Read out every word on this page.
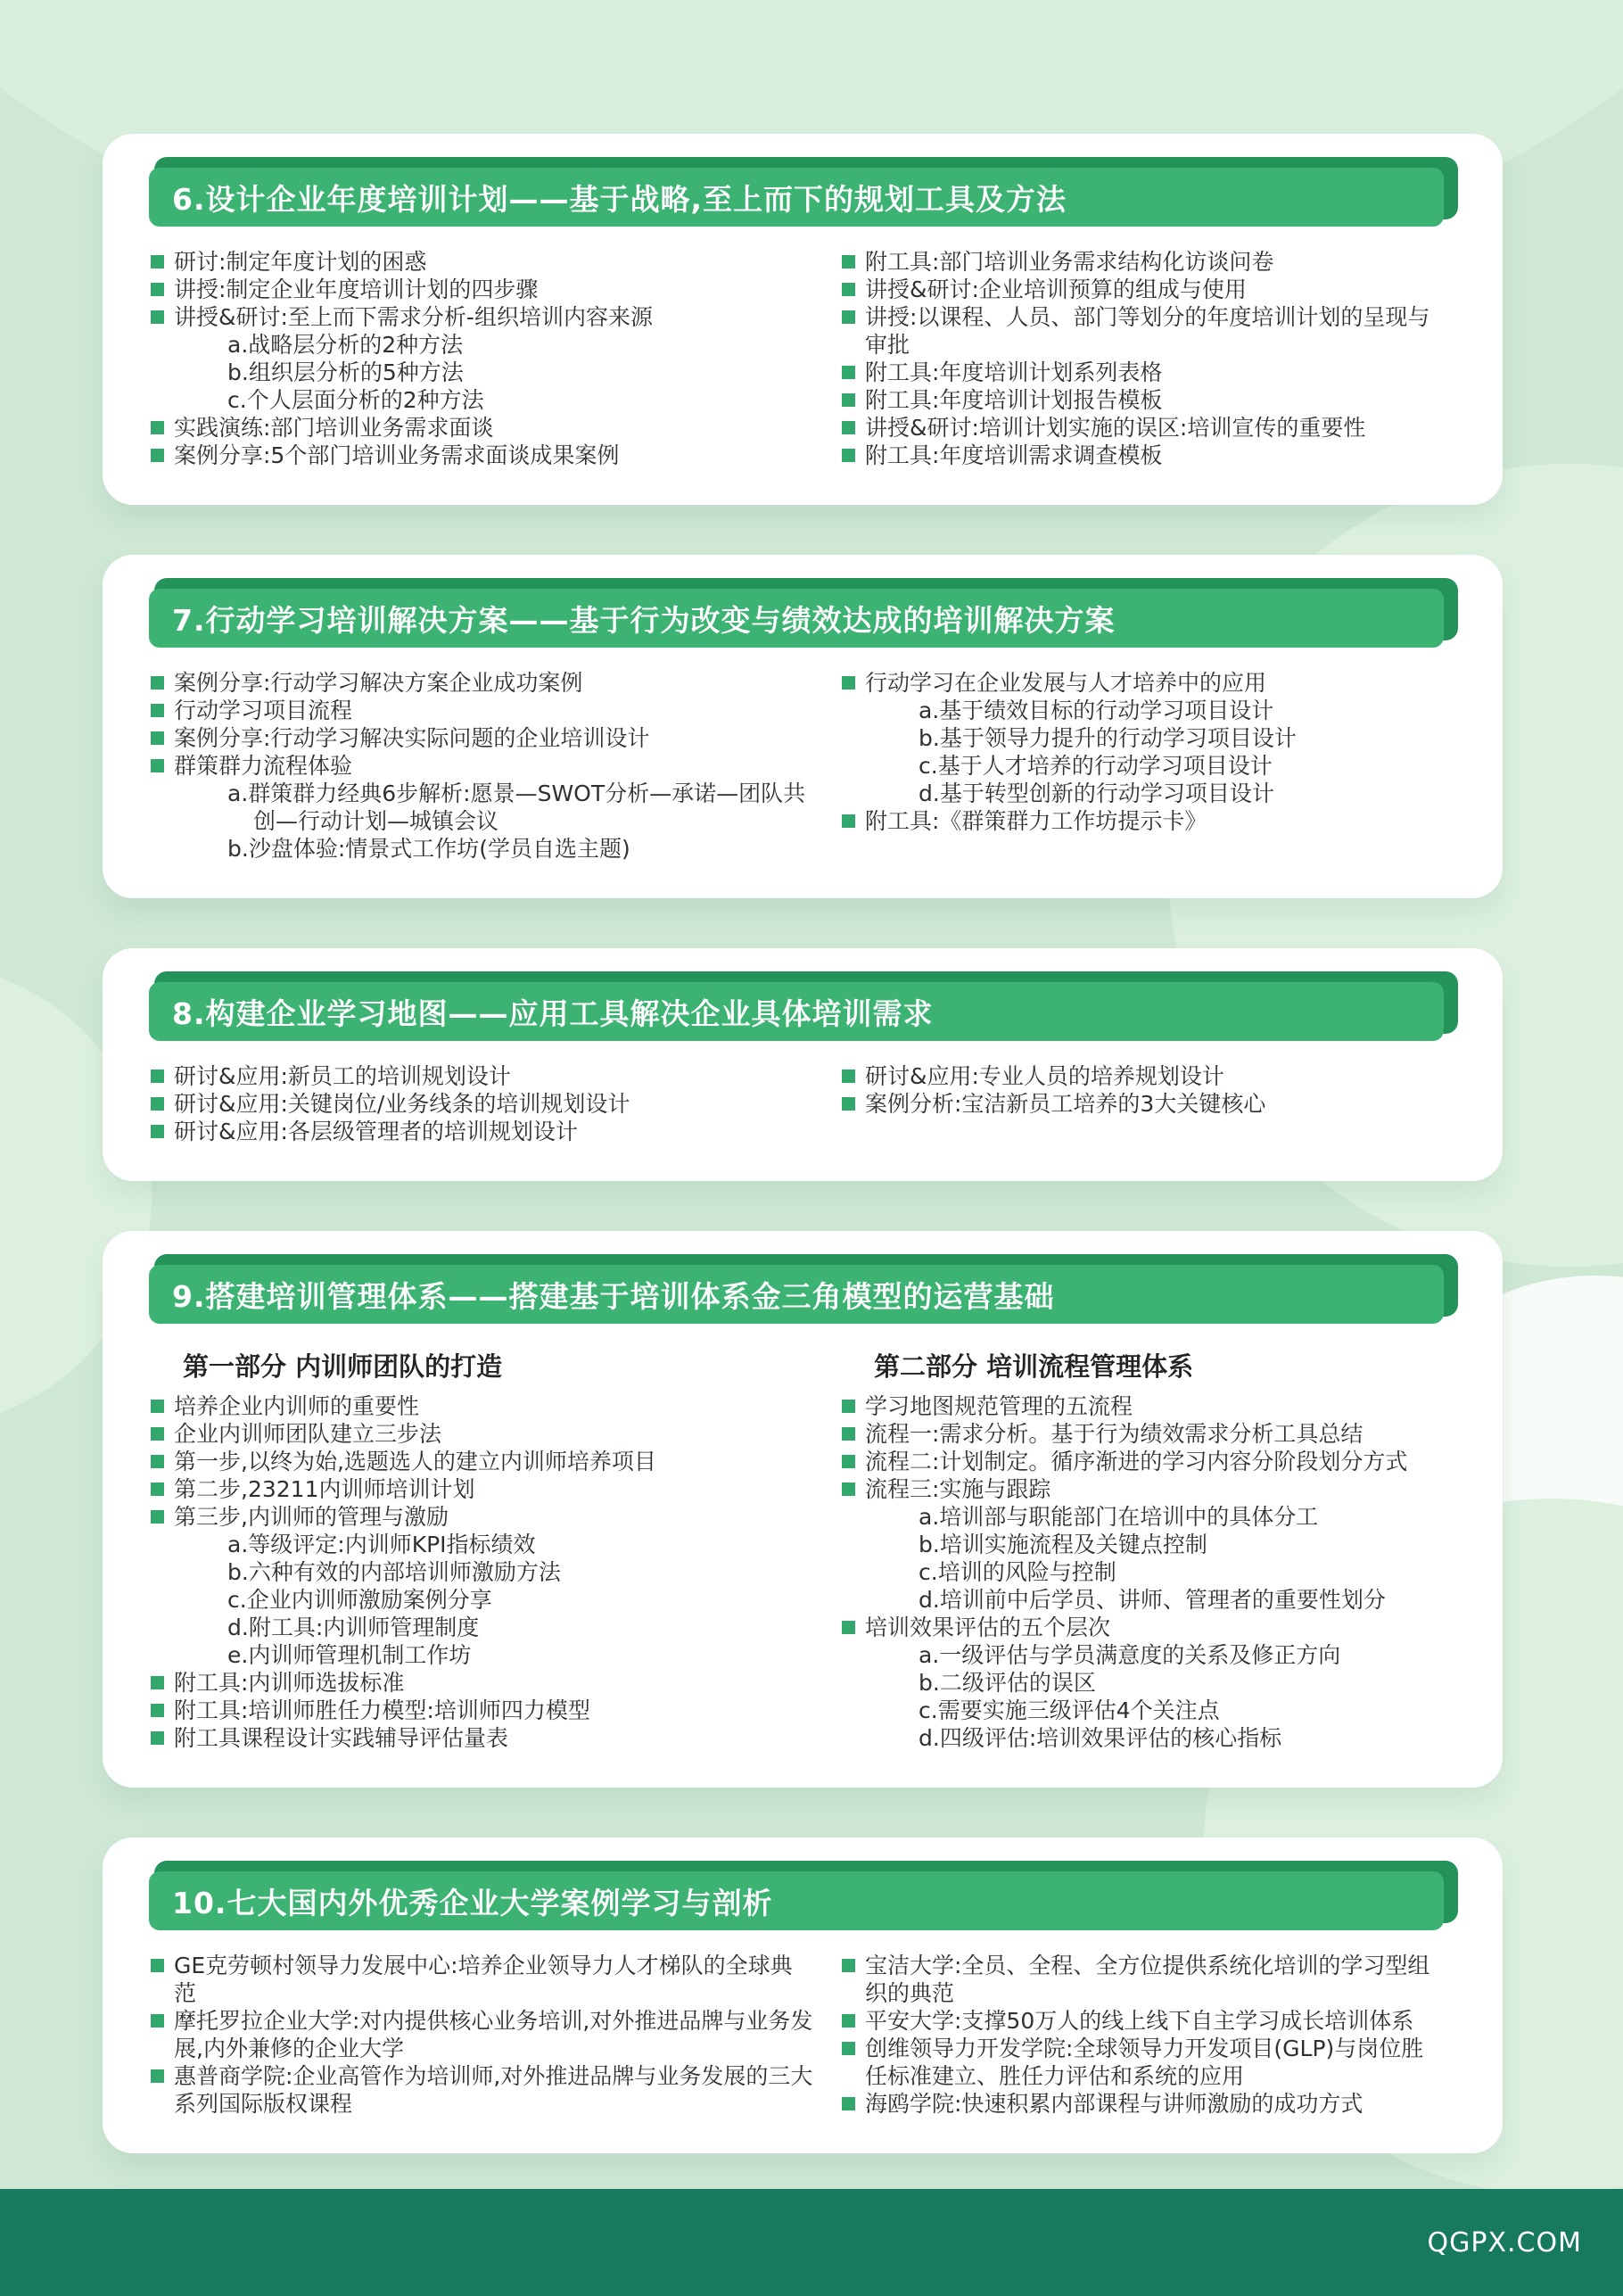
6.设计企业年度培训计划——基于战略,至上而下的规划工具及方法
研讨:制定年度计划的困惑
讲授:制定企业年度培训计划的四步骤
讲授&研讨:至上而下需求分析-组织培训内容来源
a.战略层分析的2种方法
b.组织层分析的5种方法
c.个人层面分析的2种方法
实践演练:部门培训业务需求面谈
案例分享:5个部门培训业务需求面谈成果案例
附工具:部门培训业务需求结构化访谈问卷
讲授&研讨:企业培训预算的组成与使用
讲授:以课程、人员、部门等划分的年度培训计划的呈现与审批
附工具:年度培训计划系列表格
附工具:年度培训计划报告模板
讲授&研讨:培训计划实施的误区:培训宣传的重要性
附工具:年度培训需求调查模板
7.行动学习培训解决方案——基于行为改变与绩效达成的培训解决方案
案例分享:行动学习解决方案企业成功案例
行动学习项目流程
案例分享:行动学习解决实际问题的企业培训设计
群策群力流程体验
a.群策群力经典6步解析:愿景—SWOT分析—承诺—团队共创—行动计划—城镇会议
b.沙盘体验:情景式工作坊(学员自选主题)
行动学习在企业发展与人才培养中的应用
a.基于绩效目标的行动学习项目设计
b.基于领导力提升的行动学习项目设计
c.基于人才培养的行动学习项目设计
d.基于转型创新的行动学习项目设计
附工具:《群策群力工作坊提示卡》
8.构建企业学习地图——应用工具解决企业具体培训需求
研讨&应用:新员工的培训规划设计
研讨&应用:关键岗位/业务线条的培训规划设计
研讨&应用:各层级管理者的培训规划设计
研讨&应用:专业人员的培养规划设计
案例分析:宝洁新员工培养的3大关键核心
9.搭建培训管理体系——搭建基于培训体系金三角模型的运营基础
第一部分 内训师团队的打造
培养企业内训师的重要性
企业内训师团队建立三步法
第一步,以终为始,选题选人的建立内训师培养项目
第二步,23211内训师培训计划
第三步,内训师的管理与激励
a.等级评定:内训师KPI指标绩效
b.六种有效的内部培训师激励方法
c.企业内训师激励案例分享
d.附工具:内训师管理制度
e.内训师管理机制工作坊
附工具:内训师选拔标准
附工具:培训师胜任力模型:培训师四力模型
附工具课程设计实践辅导评估量表
第二部分 培训流程管理体系
学习地图规范管理的五流程
流程一:需求分析。基于行为绩效需求分析工具总结
流程二:计划制定。循序渐进的学习内容分阶段划分方式
流程三:实施与跟踪
a.培训部与职能部门在培训中的具体分工
b.培训实施流程及关键点控制
c.培训的风险与控制
d.培训前中后学员、讲师、管理者的重要性划分
培训效果评估的五个层次
a.一级评估与学员满意度的关系及修正方向
b.二级评估的误区
c.需要实施三级评估4个关注点
d.四级评估:培训效果评估的核心指标
10.七大国内外优秀企业大学案例学习与剖析
GE克劳顿村领导力发展中心:培养企业领导力人才梯队的全球典范
摩托罗拉企业大学:对内提供核心业务培训,对外推进品牌与业务发展,内外兼修的企业大学
惠普商学院:企业高管作为培训师,对外推进品牌与业务发展的三大系列国际版权课程
宝洁大学:全员、全程、全方位提供系统化培训的学习型组织的典范
平安大学:支撑50万人的线上线下自主学习成长培训体系
创维领导力开发学院:全球领导力开发项目(GLP)与岗位胜任标准建立、胜任力评估和系统的应用
海鸥学院:快速积累内部课程与讲师激励的成功方式
QGPX.COM
